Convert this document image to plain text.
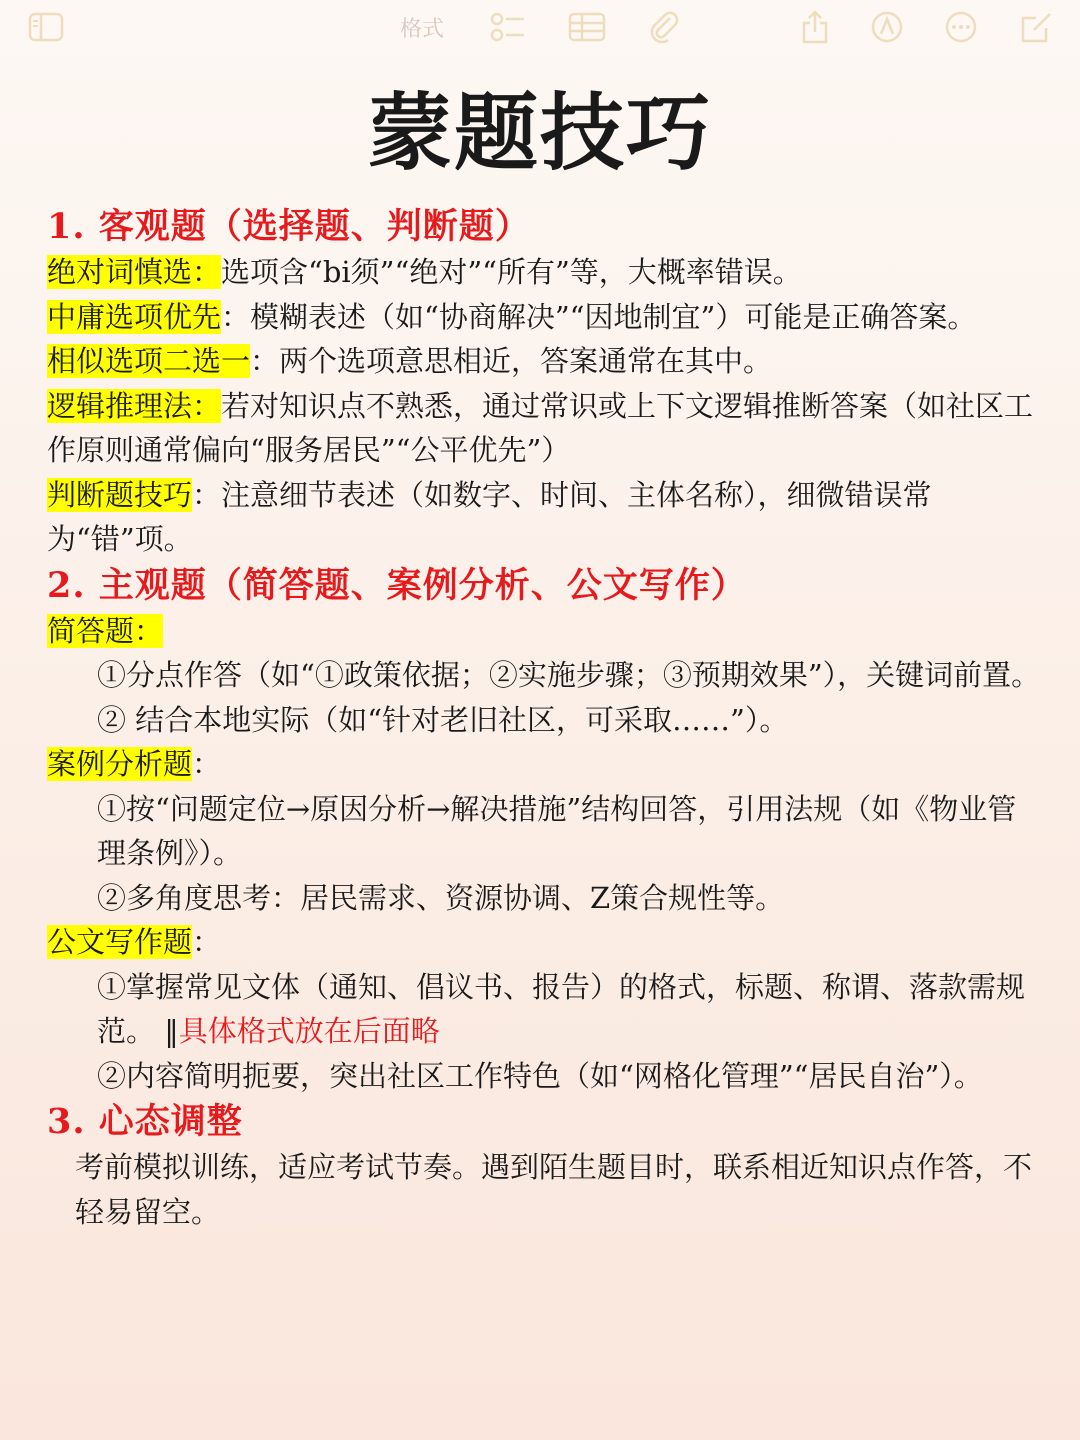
格式
蒙题技巧

1. 客观题（选择题、判断题）

绝对词慎选：选项含“bi须”“绝对”“所有”等，大概率错误。

中庸选项优先：模糊表述（如“协商解决”“因地制宜”）可能是正确答案。

相似选项二选一：两个选项意思相近，答案通常在其中。

逻辑推理法：若对知识点不熟悉，通过常识或上下文逻辑推断答案（如社区工作原则通常偏向“服务居民”“公平优先”）

判断题技巧：注意细节表述（如数字、时间、主体名称），细微错误常为“错”项。

2. 主观题（简答题、案例分析、公文写作）

简答题：

①分点作答（如“①政策依据；②实施步骤；③预期效果”），关键词前置。

② 结合本地实际（如“针对老旧社区，可采取……”）。

案例分析题：

①按“问题定位→原因分析→解决措施”结构回答，引用法规（如《物业管理条例》）。

②多角度思考：居民需求、资源协调、Z策合规性等。

公文写作题：

①掌握常见文体（通知、倡议书、报告）的格式，标题、称谓、落款需规范。 ‖具体格式放在后面略

②内容简明扼要，突出社区工作特色（如“网格化管理”“居民自治”）。

3. 心态调整

考前模拟训练，适应考试节奏。遇到陌生题目时，联系相近知识点作答，不轻易留空。
